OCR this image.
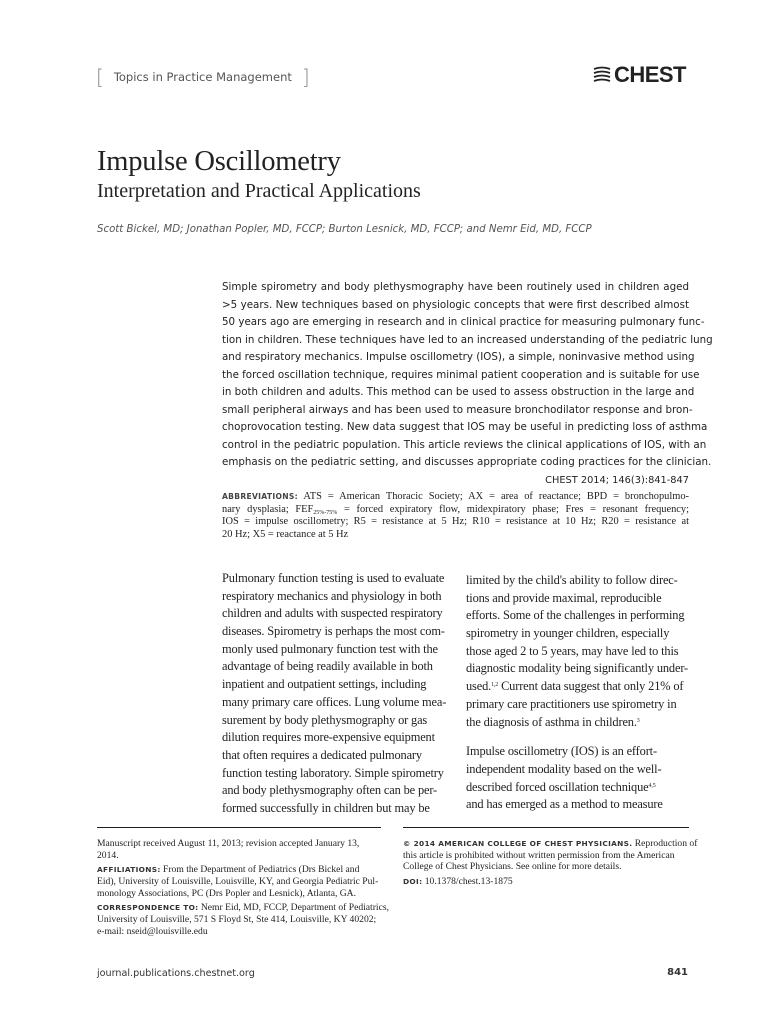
[ Topics in Practice Management ]	CHEST
Impulse Oscillometry
Interpretation and Practical Applications
Scott Bickel, MD; Jonathan Popler, MD, FCCP; Burton Lesnick, MD, FCCP; and Nemr Eid, MD, FCCP
Simple spirometry and body plethysmography have been routinely used in children aged
>5 years. New techniques based on physiologic concepts that were first described almost
50 years ago are emerging in research and in clinical practice for measuring pulmonary func-
tion in children. These techniques have led to an increased understanding of the pediatric lung
and respiratory mechanics. Impulse oscillometry (IOS), a simple, noninvasive method using
the forced oscillation technique, requires minimal patient cooperation and is suitable for use
in both children and adults. This method can be used to assess obstruction in the large and
small peripheral airways and has been used to measure bronchodilator response and bron-
choprovocation testing. New data suggest that IOS may be useful in predicting loss of asthma
control in the pediatric population. This article reviews the clinical applications of IOS, with an
emphasis on the pediatric setting, and discusses appropriate coding practices for the clinician.
CHEST 2014; 146(3):841-847
ABBREVIATIONS: ATS = American Thoracic Society; AX = area of reactance; BPD = bronchopulmo-
nary dysplasia; $FEF_{25\%-75\%}$ = forced expiratory flow, midexpiratory phase; Fres = resonant frequency;
IOS = impulse oscillometry; R5 = resistance at 5 Hz; R10 = resistance at 10 Hz; R20 = resistance at
20 Hz; X5 = reactance at 5 Hz
Pulmonary function testing is used to evaluate
respiratory mechanics and physiology in both
children and adults with suspected respiratory
diseases. Spirometry is perhaps the most com-
monly used pulmonary function test with the
advantage of being readily available in both
inpatient and outpatient settings, including
many primary care offices. Lung volume mea-
surement by body plethysmography or gas
dilution requires more-expensive equipment
that often requires a dedicated pulmonary
function testing laboratory. Simple spirometry
and body plethysmography often can be per-
formed successfully in children but may be
limited by the child's ability to follow direc-
tions and provide maximal, reproducible
efforts. Some of the challenges in performing
spirometry in younger children, especially
those aged 2 to 5 years, may have led to this
diagnostic modality being significantly under-
used.$^{1,2}$ Current data suggest that only 21% of
primary care practitioners use spirometry in
the diagnosis of asthma in children.$^3$
Impulse oscillometry (IOS) is an effort-
independent modality based on the well-
described forced oscillation technique$^{4,5}$
and has emerged as a method to measure
Manuscript received August 11, 2013; revision accepted January 13,
2014.
AFFILIATIONS: From the Department of Pediatrics (Drs Bickel and
Eid), University of Louisville, Louisville, KY, and Georgia Pediatric Pul-
monology Associations, PC (Drs Popler and Lesnick), Atlanta, GA.
CORRESPONDENCE TO: Nemr Eid, MD, FCCP, Department of Pediatrics,
University of Louisville, 571 S Floyd St, Ste 414, Louisville, KY 40202;
e-mail: nseid@louisville.edu
© 2014 AMERICAN COLLEGE OF CHEST PHYSICIANS. Reproduction of
this article is prohibited without written permission from the American
College of Chest Physicians. See online for more details.
DOI: 10.1378/chest.13-1875
journal.publications.chestnet.org	841
